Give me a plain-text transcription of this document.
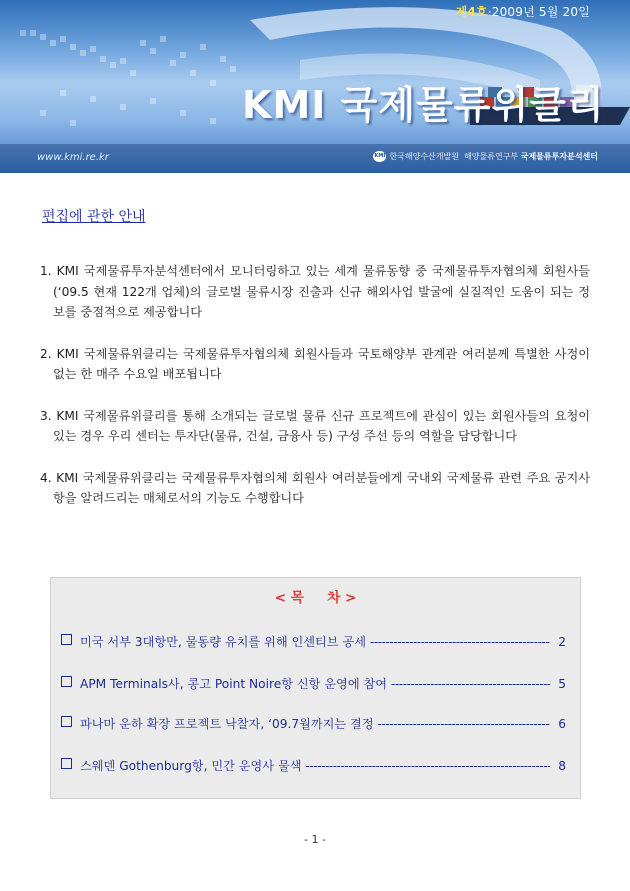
제4호·2009년 5월 20일
KMI 국제물류위클리
www.kmi.re.kr	KMI 한국해양수산개발원 해양물류연구부 국제물류투자분석센터
편집에 관한 안내
1. KMI 국제물류투자분석센터에서 모니터링하고 있는 세계 물류동향 중 국제물류투자협의체 회원사들(‘09.5 현재 122개 업체)의 글로벌 물류시장 진출과 신규 해외사업 발굴에 실질적인 도움이 되는 정보를 중점적으로 제공합니다
2. KMI 국제물류위클리는 국제물류투자협의체 회원사들과 국토해양부 관계관 여러분께 특별한 사정이 없는 한 매주 수요일 배포됩니다
3. KMI 국제물류위클리를 통해 소개되는 글로벌 물류 신규 프로젝트에 관심이 있는 회원사들의 요청이 있는 경우 우리 센터는 투자단(물류, 건설, 금융사 등) 구성 주선 등의 역할을 담당합니다
4. KMI 국제물류위클리는 국제물류투자협의체 회원사 여러분들에게 국내외 국제물류 관련 주요 공지사항을 알려드리는 매체로서의 기능도 수행합니다
< 목     차 >
미국 서부 3대항만, 물동량 유치를 위해 인센티브 공세 -----	2
APM Terminals사, 콩고 Point Noire항 신항 운영에 참여 -----	5
파나마 운하 확장 프로젝트 낙찰자, ‘09.7월까지는 결정 -----	6
스웨덴 Gothenburg항, 민간 운영사 물색 -----	8
- 1 -
